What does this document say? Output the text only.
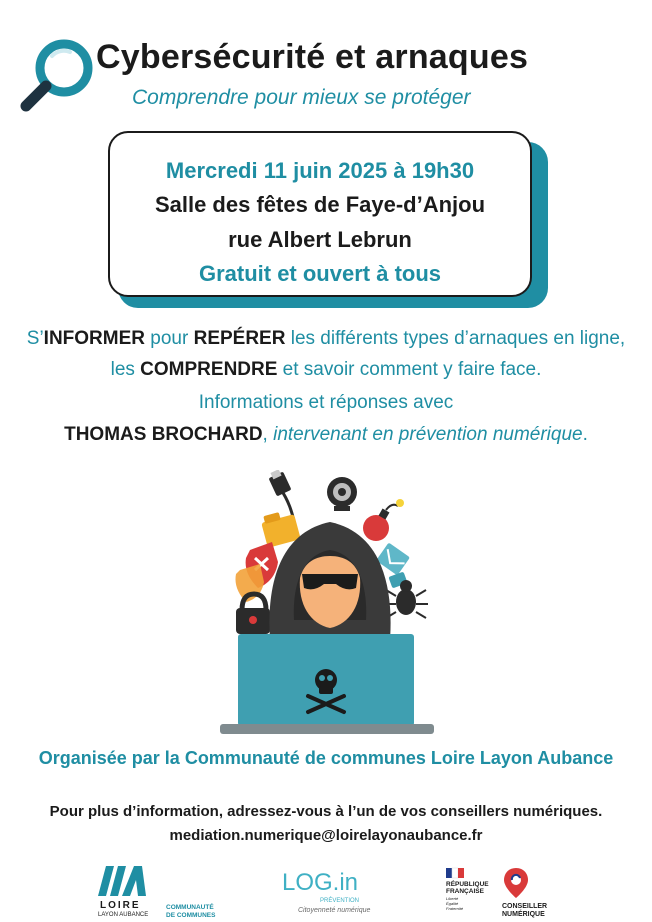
Cybersécurité et arnaques
Comprendre pour mieux se protéger
Mercredi 11 juin 2025 à 19h30
Salle des fêtes de Faye-d’Anjou
rue Albert Lebrun
Gratuit et ouvert à tous
S’INFORMER pour REPÉRER les différents types d’arnaques en ligne,
les COMPRENDRE et savoir comment y faire face.
Informations et réponses avec
THOMAS BROCHARD, intervenant en prévention numérique.
Organisée par la Communauté de communes Loire Layon Aubance
Pour plus d’information, adressez-vous à l’un de vos conseillers numériques.
mediation.numerique@loirelayonaubance.fr
LOIRE
LAYON AUBANCE
COMMUNAUTÉ
DE COMMUNES
LOG.in
PRÉVENTION
Citoyenneté numérique
RÉPUBLIQUE
FRANÇAISE
Liberté
Égalité
Fraternité	CONSEILLER
NUMÉRIQUE
